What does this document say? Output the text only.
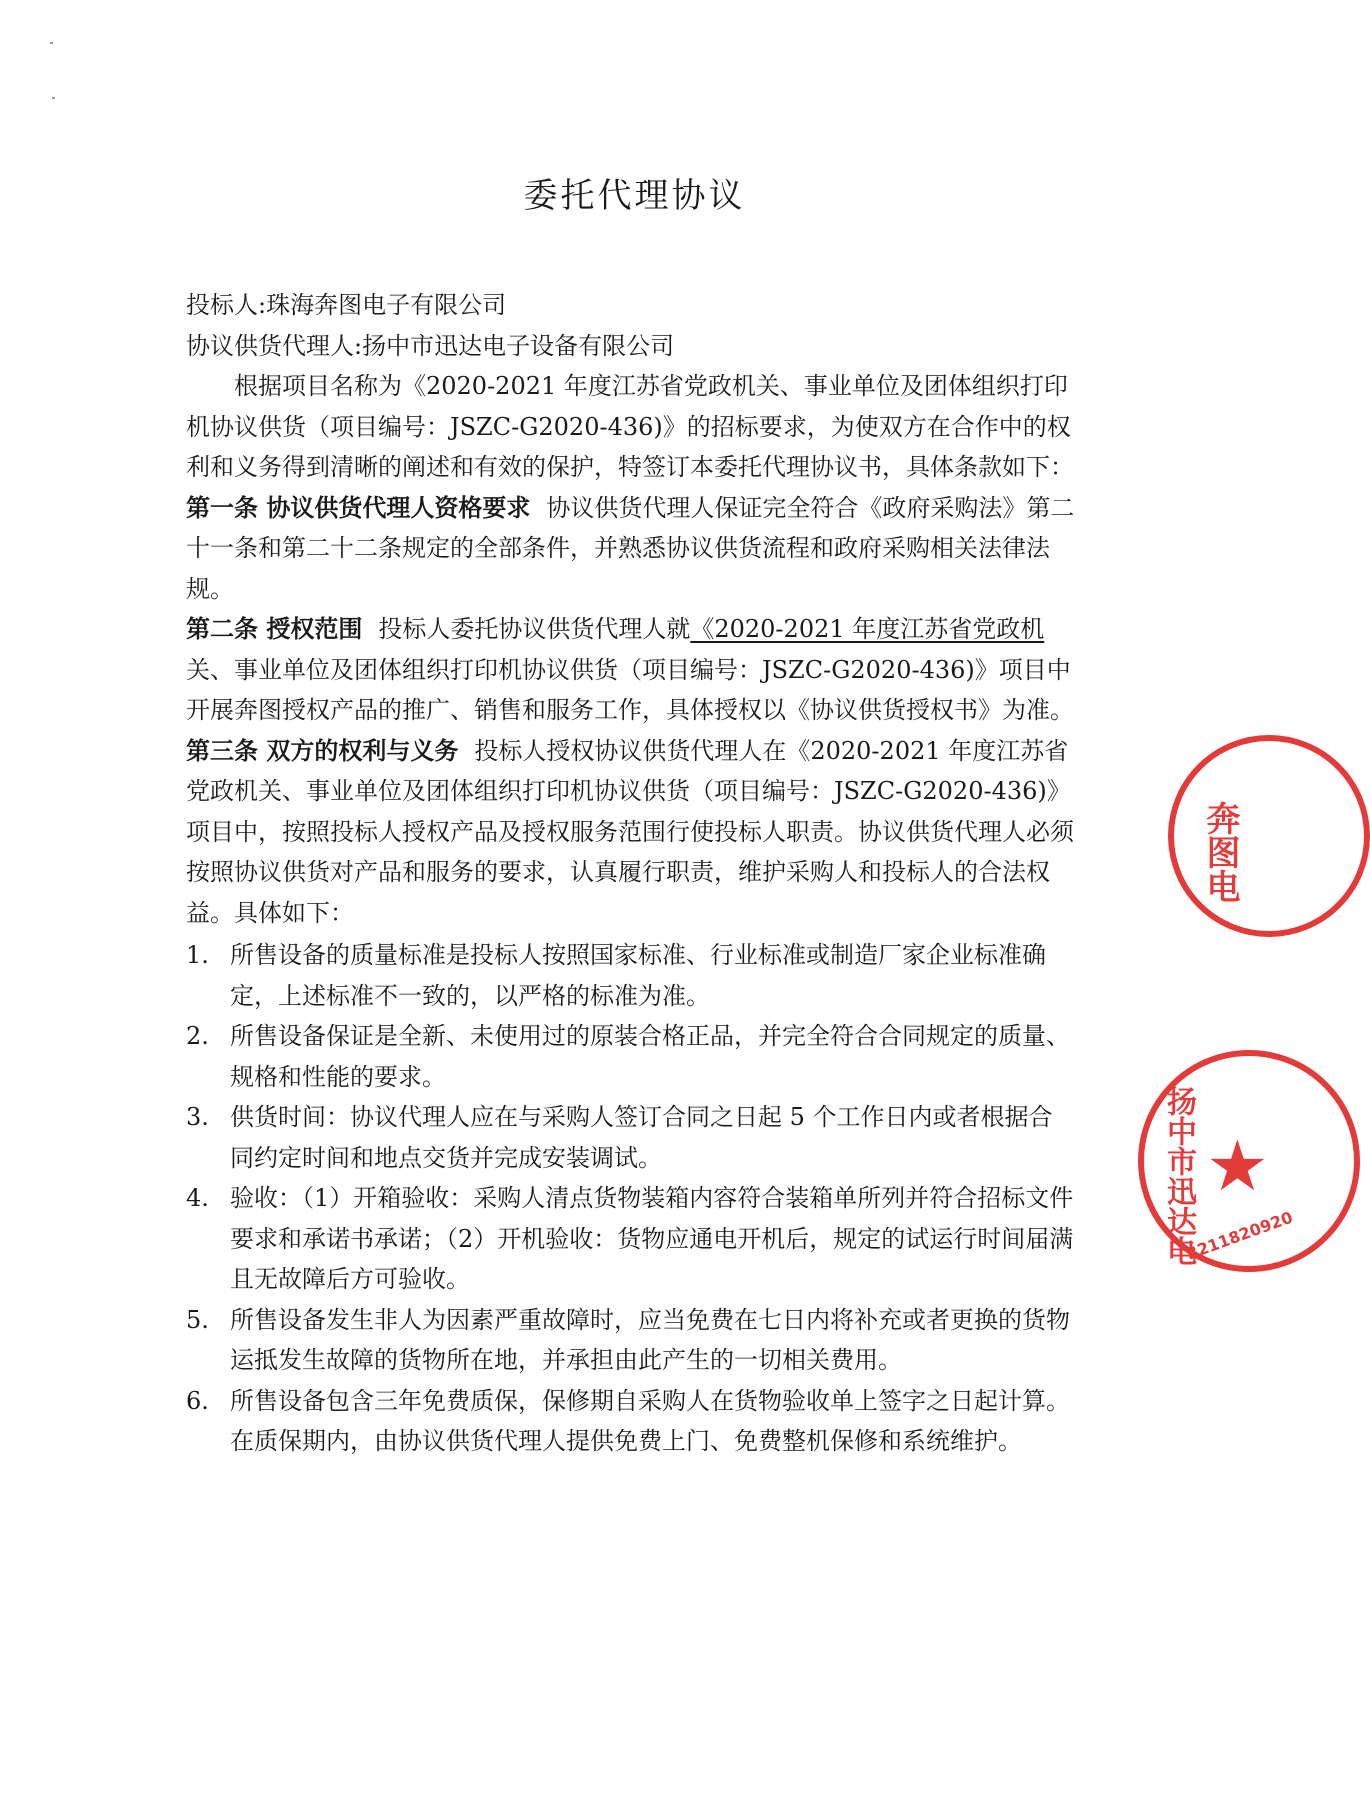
委托代理协议

投标人:珠海奔图电子有限公司

协议供货代理人:扬中市迅达电子设备有限公司

根据项目名称为《2020-2021 年度江苏省党政机关、事业单位及团体组织打印机协议供货（项目编号：JSZC-G2020-436)》的招标要求，为使双方在合作中的权利和义务得到清晰的阐述和有效的保护，特签订本委托代理协议书，具体条款如下：

第一条 协议供货代理人资格要求 协议供货代理人保证完全符合《政府采购法》第二十一条和第二十二条规定的全部条件，并熟悉协议供货流程和政府采购相关法律法规。

第二条 授权范围 投标人委托协议供货代理人就《2020-2021 年度江苏省党政机关、事业单位及团体组织打印机协议供货（项目编号：JSZC-G2020-436)》项目中开展奔图授权产品的推广、销售和服务工作，具体授权以《协议供货授权书》为准。

第三条 双方的权利与义务 投标人授权协议供货代理人在《2020-2021 年度江苏省党政机关、事业单位及团体组织打印机协议供货（项目编号：JSZC-G2020-436)》项目中，按照投标人授权产品及授权服务范围行使投标人职责。协议供货代理人必须按照协议供货对产品和服务的要求，认真履行职责，维护采购人和投标人的合法权益。具体如下：

1. 所售设备的质量标准是投标人按照国家标准、行业标准或制造厂家企业标准确定，上述标准不一致的，以严格的标准为准。
2. 所售设备保证是全新、未使用过的原装合格正品，并完全符合合同规定的质量、规格和性能的要求。
3. 供货时间：协议代理人应在与采购人签订合同之日起 5 个工作日内或者根据合同约定时间和地点交货并完成安装调试。
4. 验收：（1）开箱验收：采购人清点货物装箱内容符合装箱单所列并符合招标文件要求和承诺书承诺；（2）开机验收：货物应通电开机后，规定的试运行时间届满且无故障后方可验收。
5. 所售设备发生非人为因素严重故障时，应当免费在七日内将补充或者更换的货物运抵发生故障的货物所在地，并承担由此产生的一切相关费用。
6. 所售设备包含三年免费质保，保修期自采购人在货物验收单上签字之日起计算。在质保期内，由协议供货代理人提供免费上门、免费整机保修和系统维护。
奔图电
扬中市迅达电 ★
3211820920
